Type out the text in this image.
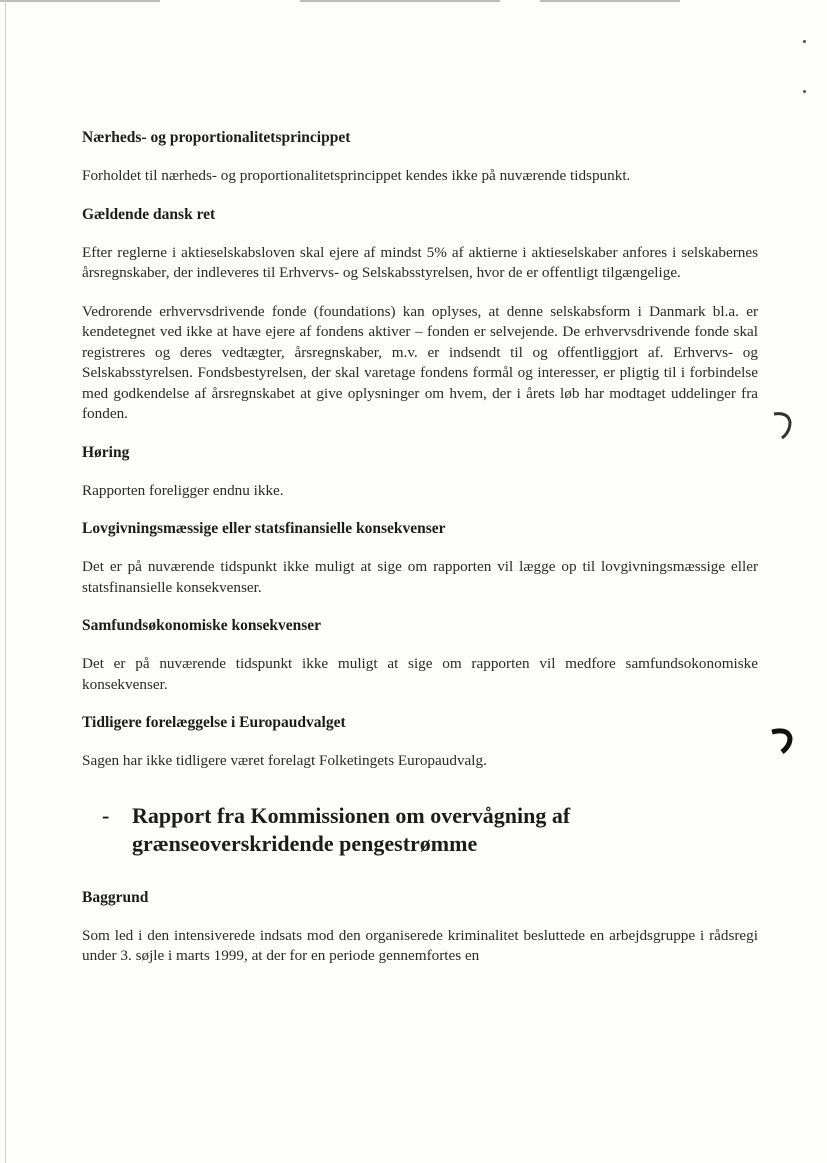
Nærheds- og proportionalitetsprincippet

Forholdet til nærheds- og proportionalitetsprincippet kendes ikke på nuværende tidspunkt.

Gældende dansk ret

Efter reglerne i aktieselskabsloven skal ejere af mindst 5% af aktierne i aktieselskaber anfores i selskabernes årsregnskaber, der indleveres til Erhvervs- og Selskabsstyrelsen, hvor de er offentligt tilgængelige.

Vedrorende erhvervsdrivende fonde (foundations) kan oplyses, at denne selskabsform i Danmark bl.a. er kendetegnet ved ikke at have ejere af fondens aktiver – fonden er selvejende. De erhvervsdrivende fonde skal registreres og deres vedtægter, årsregnskaber, m.v. er indsendt til og offentliggjort af. Erhvervs- og Selskabsstyrelsen. Fondsbestyrelsen, der skal varetage fondens formål og interesser, er pligtig til i forbindelse med godkendelse af årsregnskabet at give oplysninger om hvem, der i årets løb har modtaget uddelinger fra fonden.

Høring

Rapporten foreligger endnu ikke.

Lovgivningsmæssige eller statsfinansielle konsekvenser

Det er på nuværende tidspunkt ikke muligt at sige om rapporten vil lægge op til lovgivningsmæssige eller statsfinansielle konsekvenser.

Samfundsøkonomiske konsekvenser

Det er på nuværende tidspunkt ikke muligt at sige om rapporten vil medfore samfundsokonomiske konsekvenser.

Tidligere forelæggelse i Europaudvalget

Sagen har ikke tidligere været forelagt Folketingets Europaudvalg.

-	Rapport fra Kommissionen om overvågning af
grænseoverskridende pengestrømme
Baggrund

Som led i den intensiverede indsats mod den organiserede kriminalitet besluttede en arbejdsgruppe i rådsregi under 3. søjle i marts 1999, at der for en periode gennemfortes en
